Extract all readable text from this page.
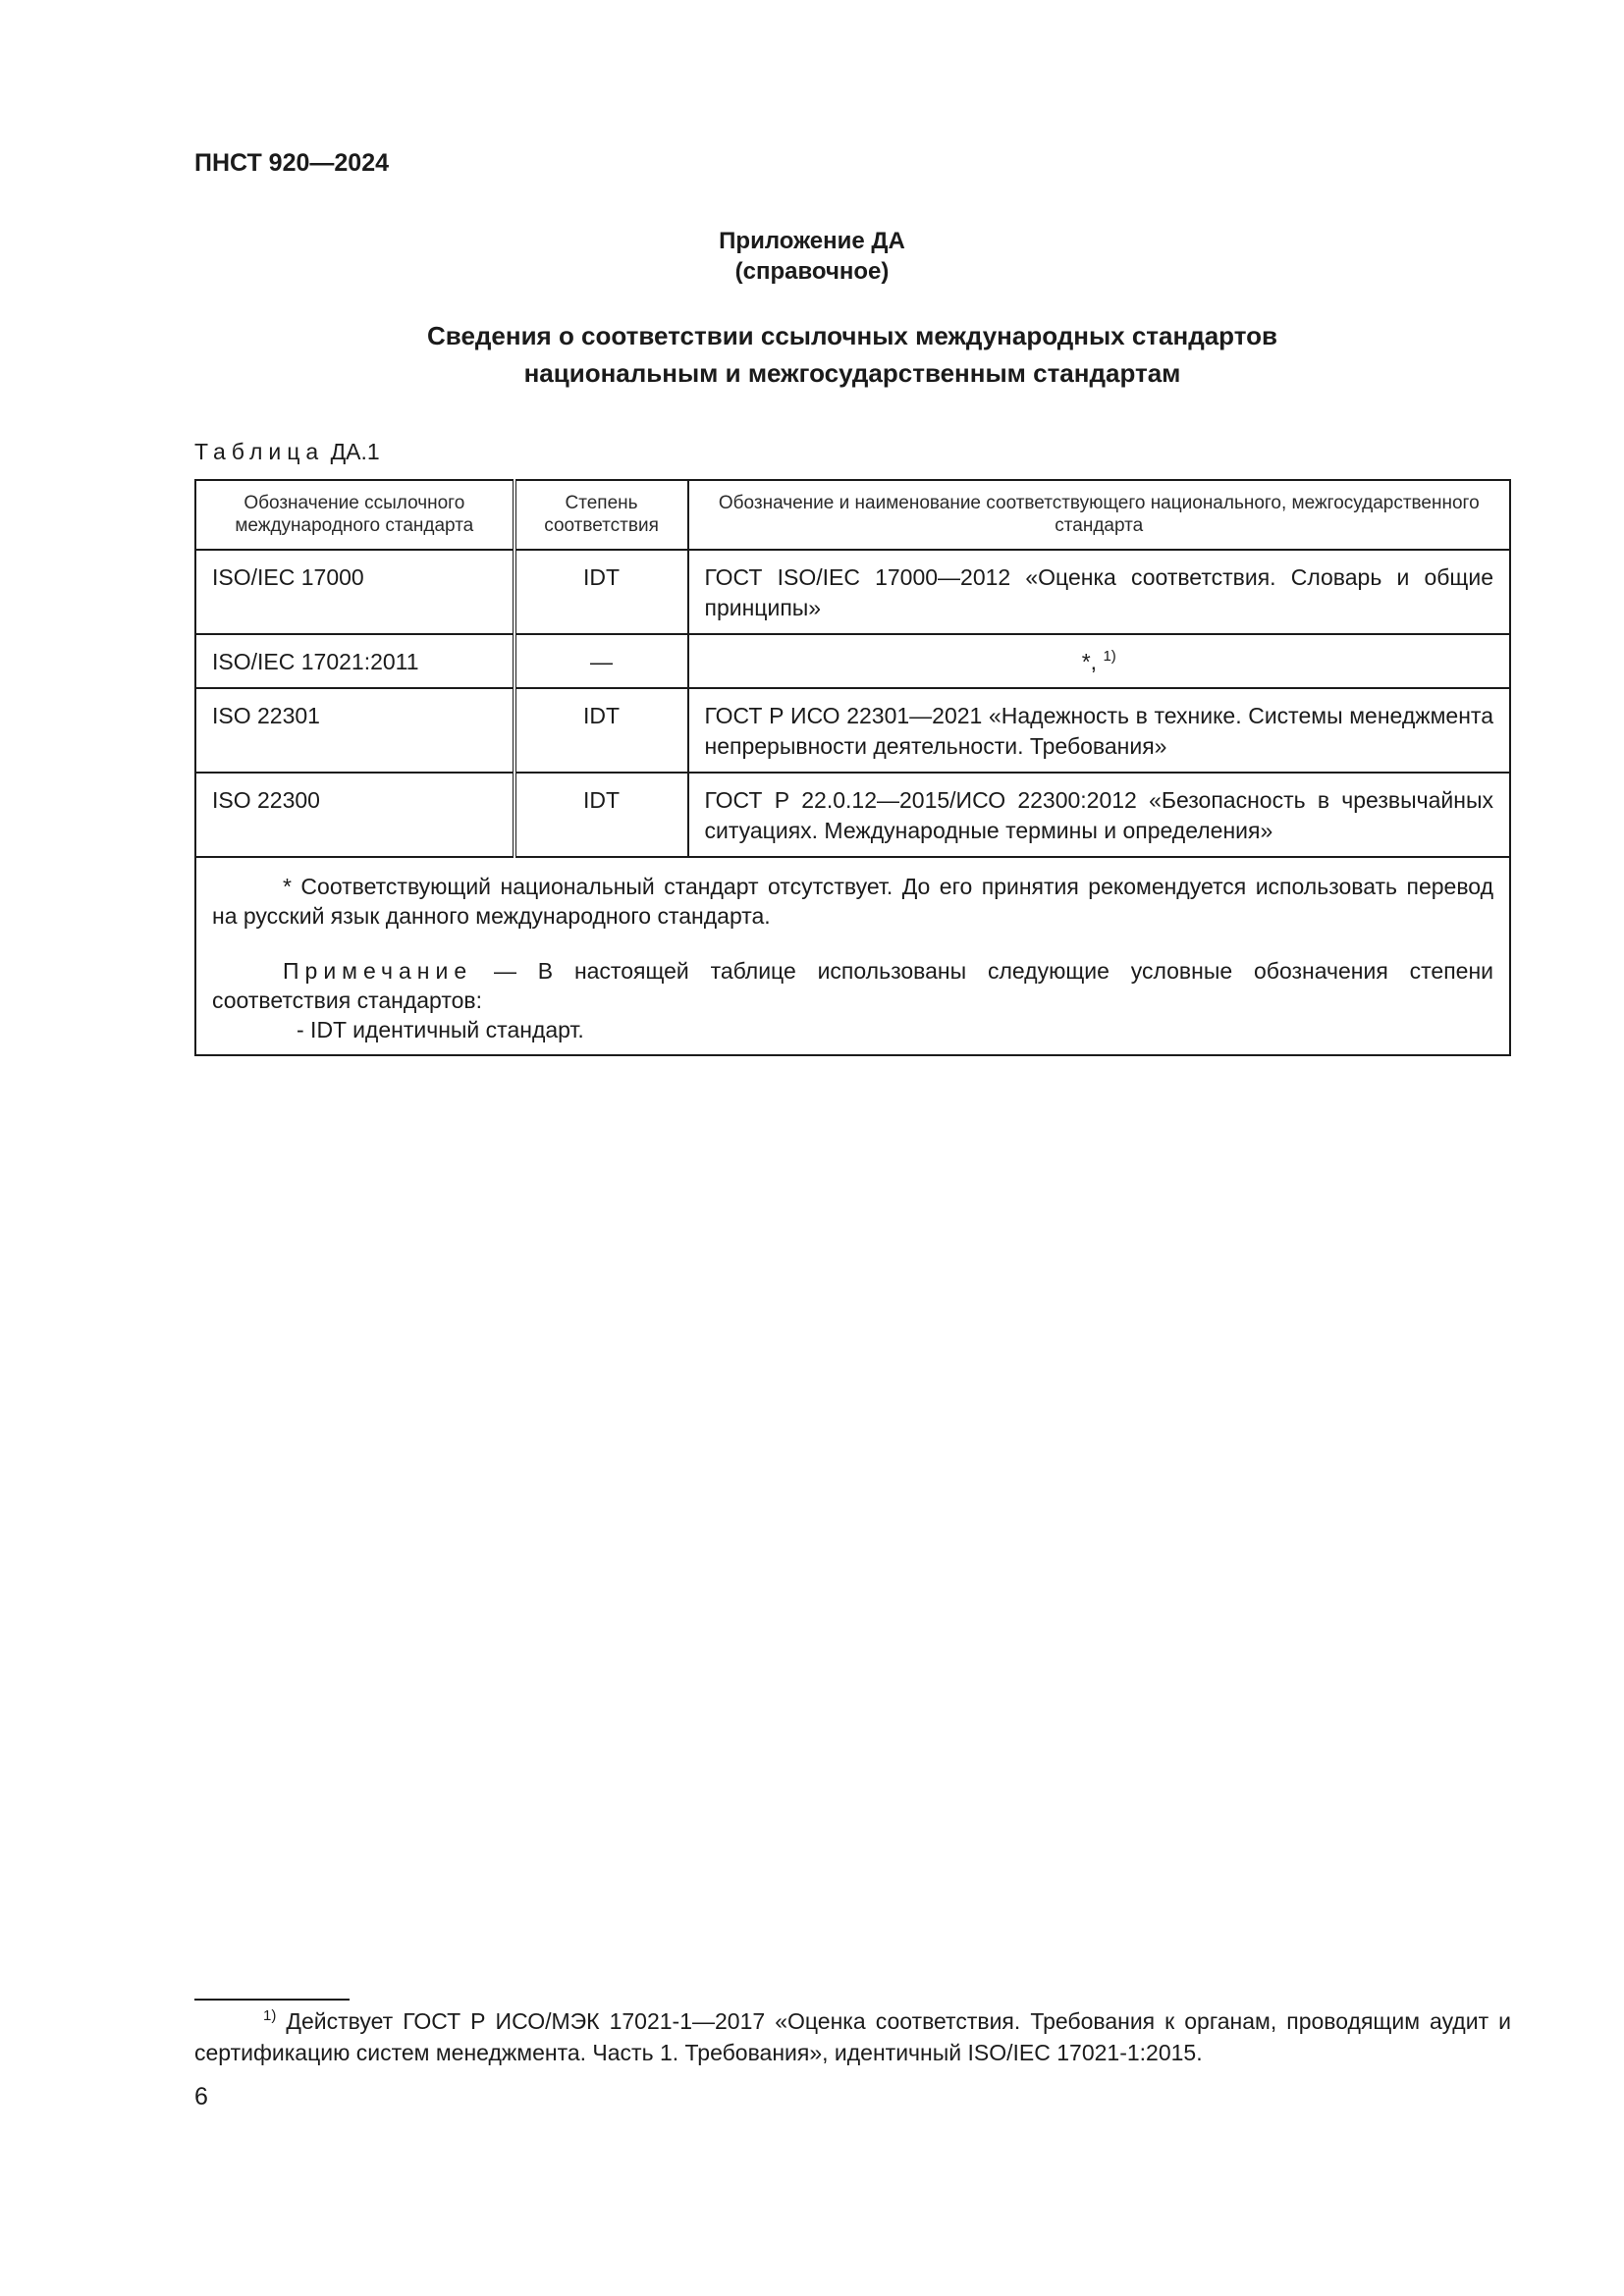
ПНСТ 920—2024
Приложение ДА
(справочное)
Сведения о соответствии ссылочных международных стандартов
национальным и межгосударственным стандартам
Таблица ДА.1
Обозначение ссылочного международного стандарта	Степень соответствия	Обозначение и наименование соответствующего национального, межгосударственного стандарта
ISO/IEC 17000	IDT	ГОСТ ISO/IEC 17000—2012 «Оценка соответствия. Словарь и общие принципы»
ISO/IEC 17021:2011	—	*, $^{1)}$
ISO 22301	IDT	ГОСТ Р ИСО 22301—2021 «Надежность в технике. Системы менеджмента непрерывности деятельности. Требования»
ISO 22300	IDT	ГОСТ Р 22.0.12—2015/ИСО 22300:2012 «Безопасность в чрезвычайных ситуациях. Международные термины и определения»

* Соответствующий национальный стандарт отсутствует. До его принятия рекомендуется использовать перевод на русский язык данного международного стандарта.

Примечание — В настоящей таблице использованы следующие условные обозначения степени соответствия стандартов:

- IDT идентичный стандарт.		

$^{1)}$ Действует ГОСТ Р ИСО/МЭК 17021-1—2017 «Оценка соответствия. Требования к органам, проводящим аудит и сертификацию систем менеджмента. Часть 1. Требования», идентичный ISO/IEC 17021-1:2015.
6
